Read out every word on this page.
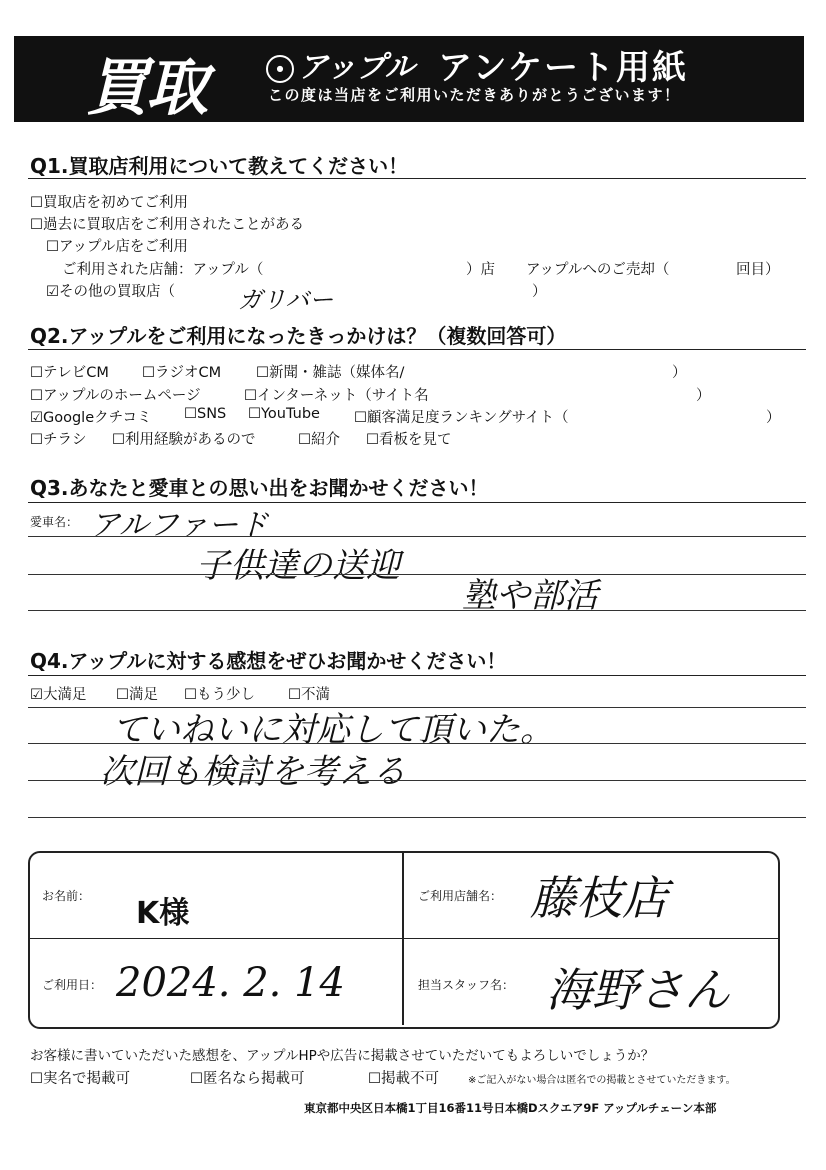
買取	● アップル アンケート用紙
この度は当店をご利用いただきありがとうございます！
Q1.買取店利用について教えてください！
☐買取店を初めてご利用
☐過去に買取店をご利用されたことがある
☐アップル店をご利用
ご利用された店舗：アップル（	）店 アップルへのご売却（	回目）
☑その他の買取店（	ガリバー	）
Q2.アップルをご利用になったきっかけは？（複数回答可）
☐テレビCM ☐ラジオCM ☐新聞・雑誌（媒体名/	）
☐アップルのホームページ	☐インターネット（サイト名	）
☑Googleクチコミ ☐SNS ☐YouTube ☐顧客満足度ランキングサイト（	）
☐チラシ ☐利用経験があるので	☐紹介 ☐看板を見て
Q3.あなたと愛車との思い出をお聞かせください！
愛車名： アルファード
子供達の送迎
塾や部活
Q4.アップルに対する感想をぜひお聞かせください！
☑大満足 ☐満足 ☐もう少し ☐不満
ていねいに対応して頂いた。
次回も検討を考える
お名前： K様	ご利用店舗名： 藤枝店
ご利用日： 2024. 2. 14	担当スタッフ名： 海野さん
お客様に書いていただいた感想を、アップルHPや広告に掲載させていただいてもよろしいでしょうか？
☐実名で掲載可	☐匿名なら掲載可	☐掲載不可	※ご記入がない場合は匿名での掲載とさせていただきます。
東京都中央区日本橋1丁目16番11号日本橋Dスクエア9F アップルチェーン本部
